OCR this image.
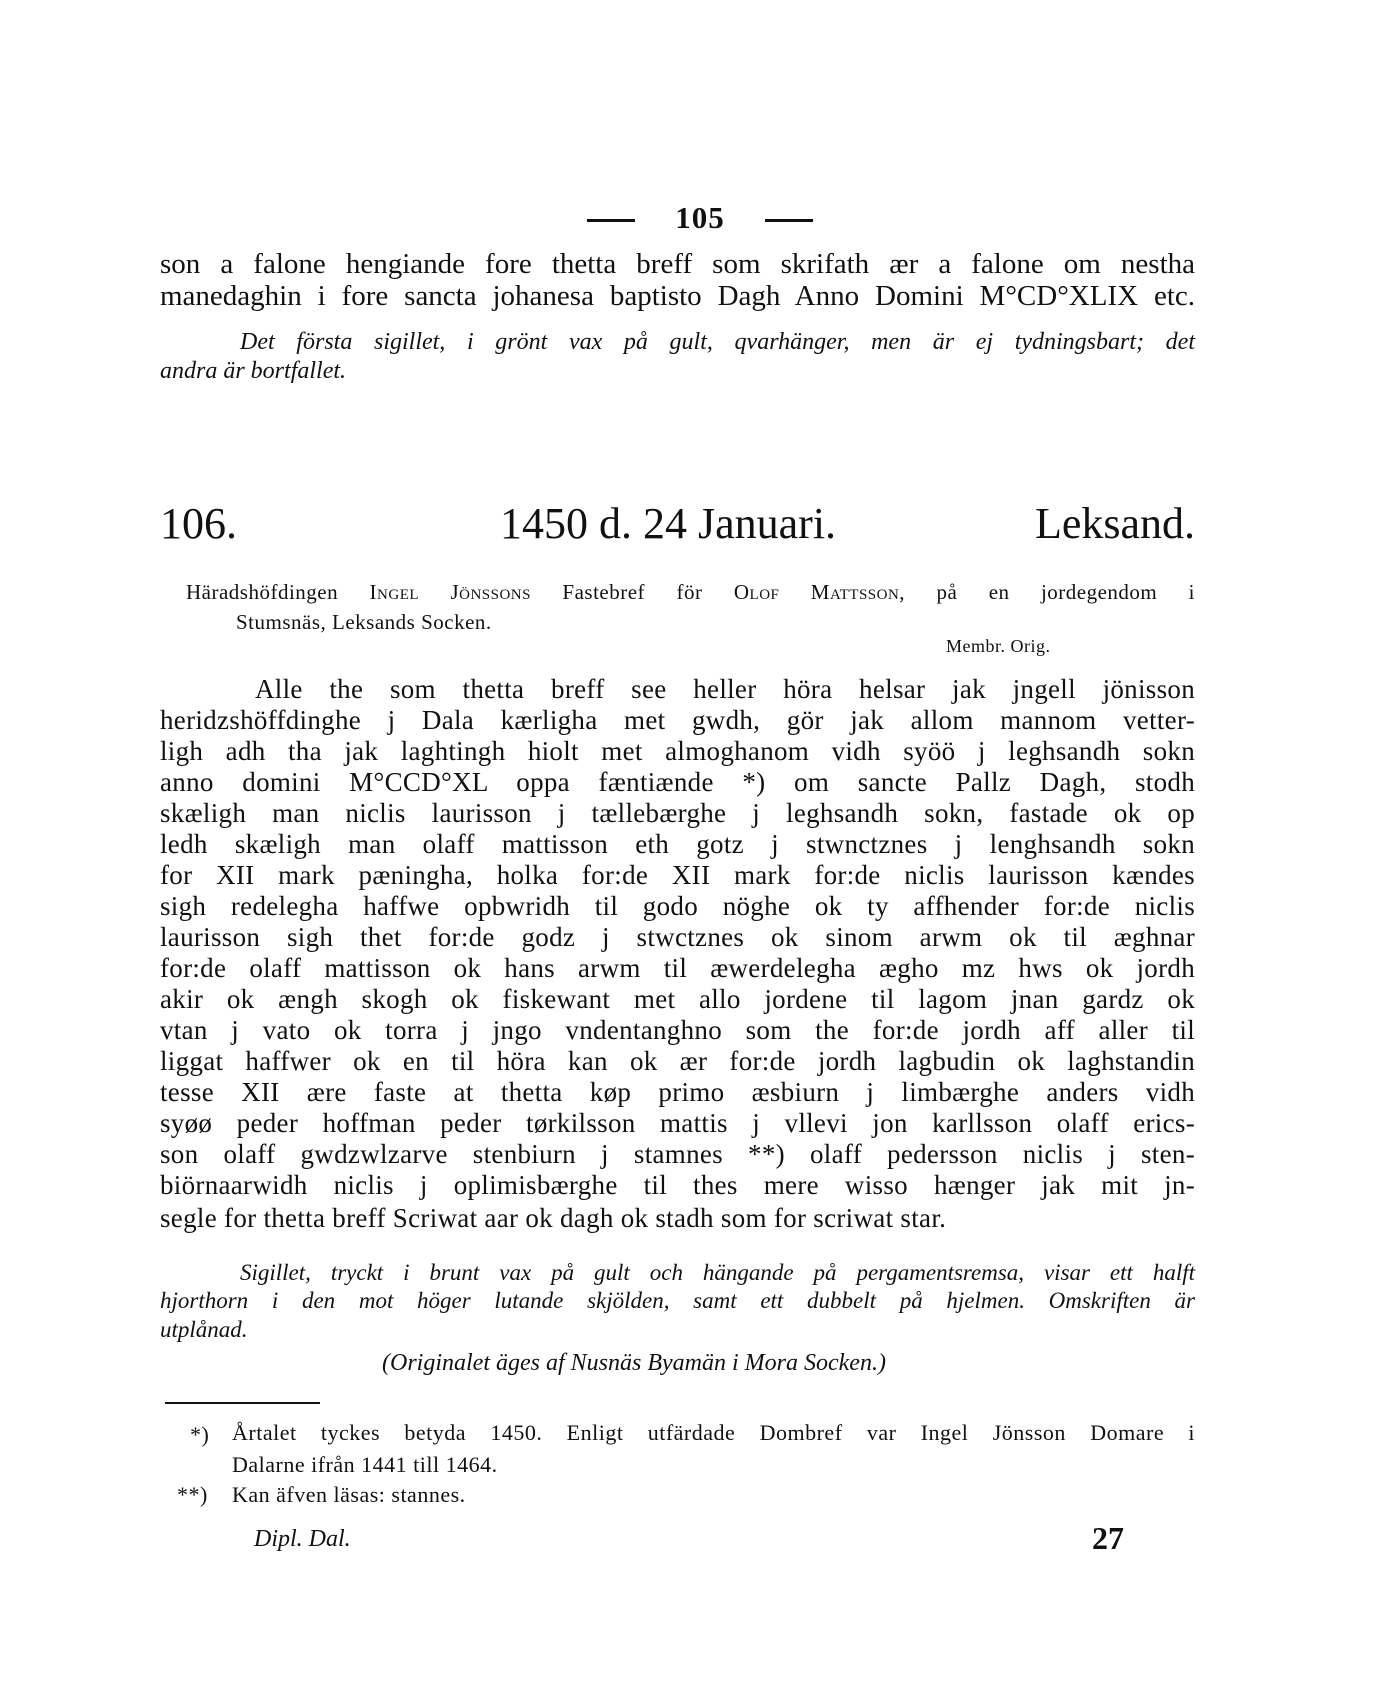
105
son a falone hengiande fore thetta breff som skrifath ær a falone om nestha
manedaghin i fore sancta johanesa baptisto Dagh Anno Domini M°CD°XLIX etc.
Det första sigillet, i grönt vax på gult, qvarhänger, men är ej tydningsbart; det
andra är bortfallet.
106.	1450 d. 24 Januari.	Leksand.
Häradshöfdingen Ingel Jönssons Fastebref för Olof Mattsson, på en jordegendom i
Stumsnäs, Leksands Socken.
Membr. Orig.
Alle the som thetta breff see heller höra helsar jak jngell jönisson
heridzshöffdinghe j Dala kærligha met gwdh, gör jak allom mannom vetter-
ligh adh tha jak laghtingh hiolt met almoghanom vidh syöö j leghsandh sokn
anno domini M°CCD°XL oppa fæntiænde *) om sancte Pallz Dagh, stodh
skæligh man niclis laurisson j tællebærghe j leghsandh sokn, fastade ok op
ledh skæligh man olaff mattisson eth gotz j stwnctznes j lenghsandh sokn
for XII mark pæningha, holka for:de XII mark for:de niclis laurisson kændes
sigh redelegha haffwe opbwridh til godo nöghe ok ty affhender for:de niclis
laurisson sigh thet for:de godz j stwctznes ok sinom arwm ok til æghnar
for:de olaff mattisson ok hans arwm til æwerdelegha ægho mz hws ok jordh
akir ok ængh skogh ok fiskewant met allo jordene til lagom jnan gardz ok
vtan j vato ok torra j jngo vndentanghno som the for:de jordh aff aller til
liggat haffwer ok en til höra kan ok ær for:de jordh lagbudin ok laghstandin
tesse XII ære faste at thetta køp primo æsbiurn j limbærghe anders vidh
syøø peder hoffman peder tørkilsson mattis j vllevi jon karllsson olaff erics-
son olaff gwdzwlzarve stenbiurn j stamnes **) olaff pedersson niclis j sten-
biörnaarwidh niclis j oplimisbærghe til thes mere wisso hænger jak mit jn-
segle for thetta breff Scriwat aar ok dagh ok stadh som for scriwat star.
Sigillet, tryckt i brunt vax på gult och hängande på pergamentsremsa, visar ett halft
hjorthorn i den mot höger lutande skjölden, samt ett dubbelt på hjelmen. Omskriften är
utplånad.
(Originalet äges af Nusnäs Byamän i Mora Socken.)
*) Årtalet tyckes betyda 1450. Enligt utfärdade Dombref var Ingel Jönsson Domare i
Dalarne ifrån 1441 till 1464.
**) Kan äfven läsas: stannes.
Dipl. Dal.	27
